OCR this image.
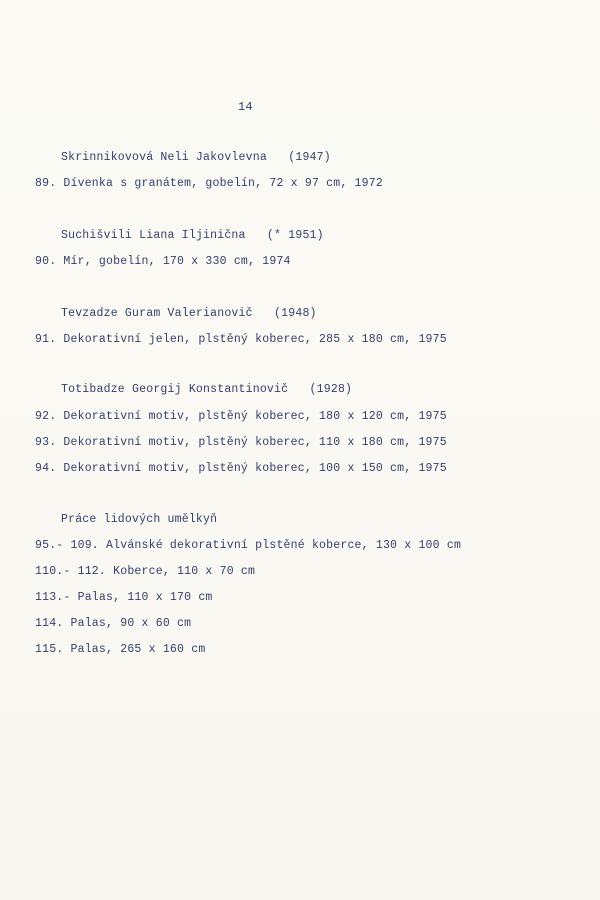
14
Skrinnikovová Neli Jakovlevna   (1947)
89. Dívenka s granátem, gobelín, 72 x 97 cm, 1972
Suchišvili Liana Iljinična   (* 1951)
90. Mír, gobelín, 170 x 330 cm, 1974
Tevzadze Guram Valerianovič   (1948)
91. Dekorativní jelen, plstěný koberec, 285 x 180 cm, 1975
Totibadze Georgij Konstantinovič   (1928)
92. Dekorativní motiv, plstěný koberec, 180 x 120 cm, 1975
93. Dekorativní motiv, plstěný koberec, 110 x 180 cm, 1975
94. Dekorativní motiv, plstěný koberec, 100 x 150 cm, 1975
Práce lidových umělkyň
95.- 109. Alvánské dekorativní plstěné koberce, 130 x 100 cm
110.- 112. Koberce, 110 x 70 cm
113.- Palas, 110 x 170 cm
114. Palas, 90 x 60 cm
115. Palas, 265 x 160 cm
